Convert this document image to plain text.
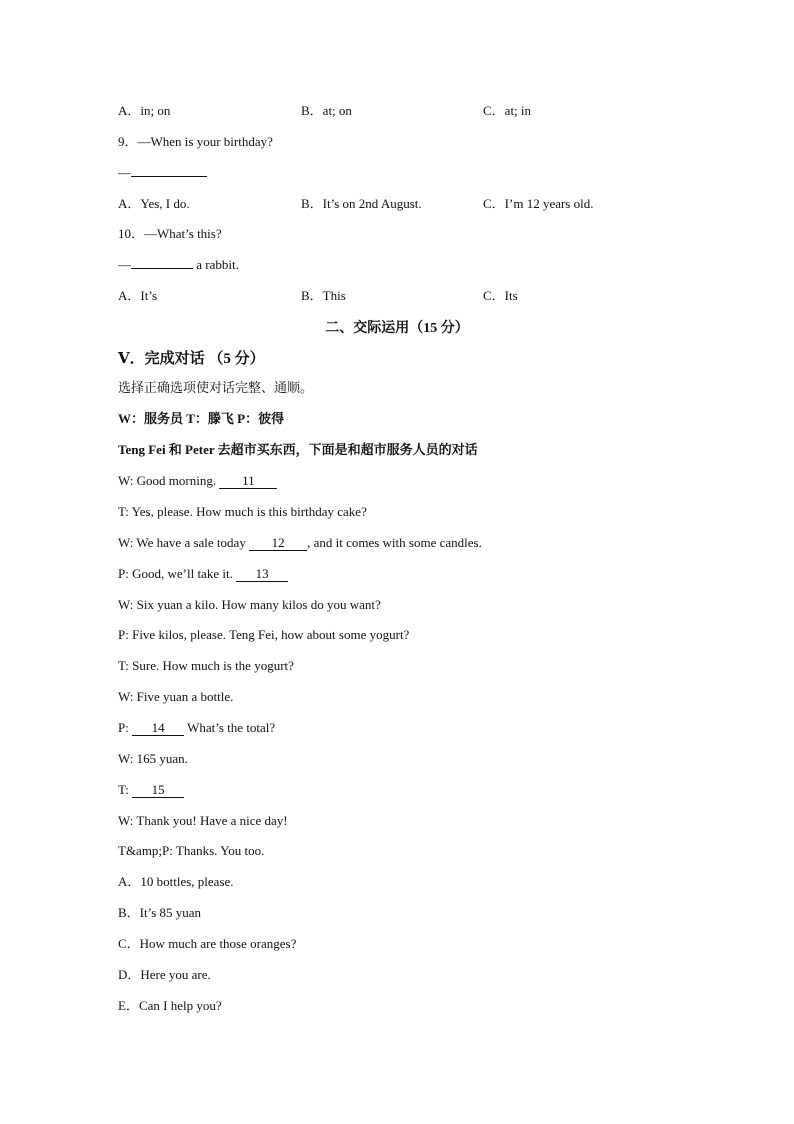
A．in; on	B．at; on	C．at; in
9．—When is your birthday?
—
A．Yes, I do.	B．It’s on 2nd August.	C．I’m 12 years old.
10．—What’s this?
—	a rabbit.
A．It’s	B．This	C．Its
二、交际运用（15 分）
Ⅴ．完成对话 （5 分）
选择正确选项使对话完整、通顺。
W：服务员 T：滕飞 P：彼得
Teng Fei 和 Peter 去超市买东西，下面是和超市服务人员的对话
W: Good morning. 11
T: Yes, please. How much is this birthday cake?
W: We have a sale today 12 , and it comes with some candles.
P: Good, we’ll take it. 13
W: Six yuan a kilo. How many kilos do you want?
P: Five kilos, please. Teng Fei, how about some yogurt?
T: Sure. How much is the yogurt?
W: Five yuan a bottle.
P: 14 What’s the total?
W: 165 yuan.
T: 15
W: Thank you! Have a nice day!
T&amp;P: Thanks. You too.
A．10 bottles, please.
B．It’s 85 yuan
C．How much are those oranges?
D．Here you are.
E．Can I help you?
